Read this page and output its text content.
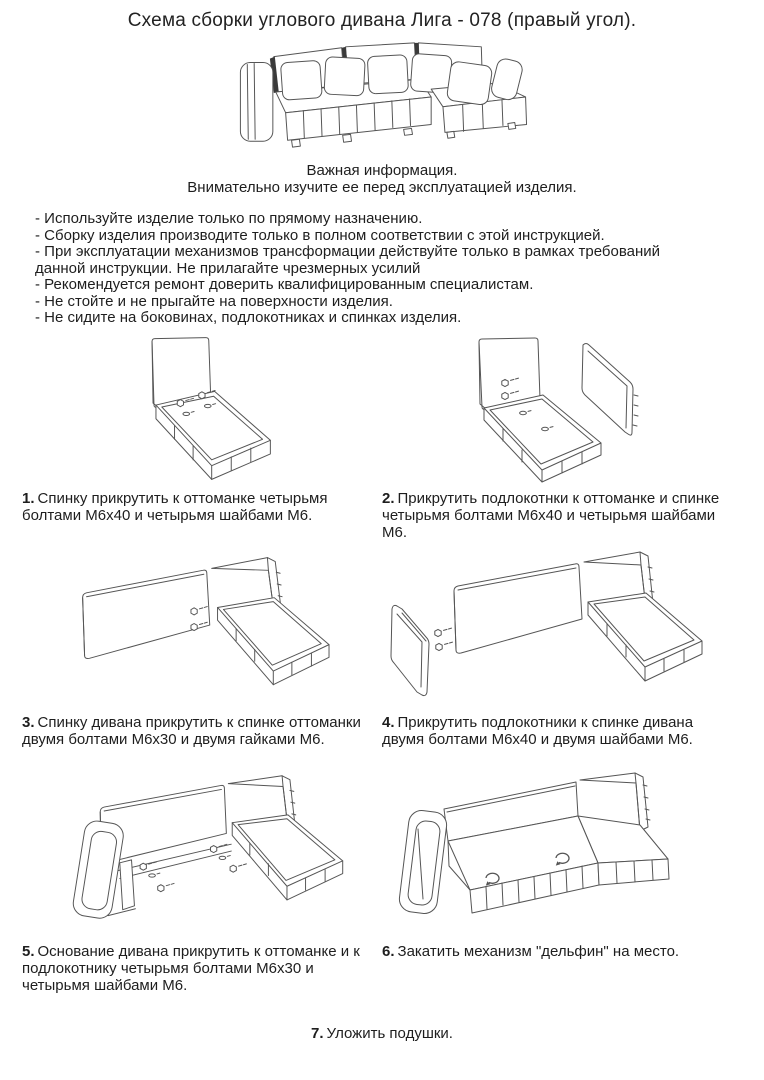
Схема сборки углового дивана Лига - 078 (правый угол).
Важная информация.
Внимательно изучите ее перед эксплуатацией изделия.
- Используйте изделие только по прямому назначению.
- Сборку изделия производите только в полном соответствии с этой инструкцией.
- При эксплуатации механизмов трансформации действуйте только в рамках требований
данной инструкции. Не прилагайте чрезмерных усилий
- Рекомендуется ремонт доверить квалифицированным специалистам.
- Не стойте и не прыгайте на поверхности изделия.
- Не сидите на боковинах, подлокотниках и спинках изделия.
1. Спинку прикрутить к оттоманке четырьмя болтами М6х40 и четырьмя шайбами М6.
2. Прикрутить подлокотнки к оттоманке и спинке четырьмя болтами М6х40 и четырьмя шайбами М6.
3. Спинку дивана прикрутить к спинке оттоманки двумя болтами М6х30 и двумя гайками М6.
4. Прикрутить подлокотники к спинке дивана двумя болтами М6х40 и двумя шайбами М6.
5. Основание дивана прикрутить к оттоманке и к подлокотнику четырьмя болтами М6х30 и четырьмя шайбами М6.
6. Закатить механизм "дельфин" на место.
7. Уложить подушки.
